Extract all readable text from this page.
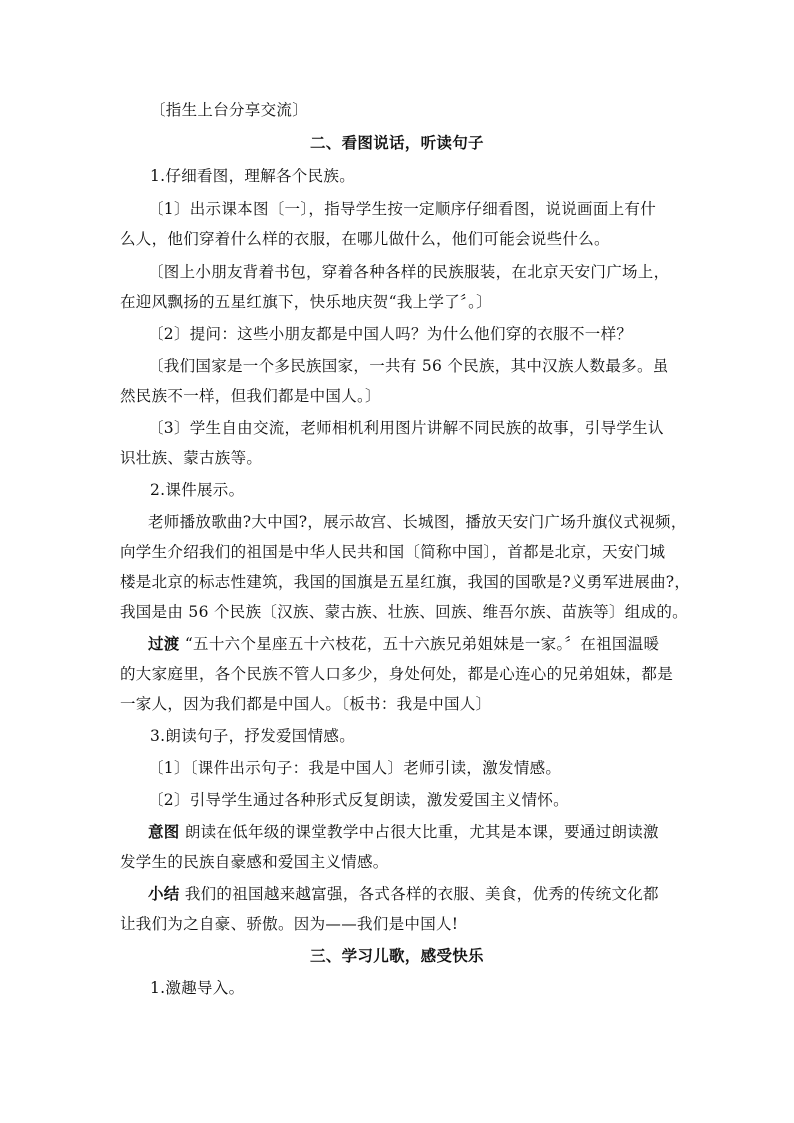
〔指生上台分享交流〕
二、看图说话，听读句子
1.仔细看图，理解各个民族。
〔1〕出示课本图〔一〕，指导学生按一定顺序仔细看图，说说画面上有什
么人，他们穿着什么样的衣服，在哪儿做什么，他们可能会说些什么。
〔图上小朋友背着书包，穿着各种各样的民族服装，在北京天安门广场上，
在迎风飘扬的五星红旗下，快乐地庆贺“我上学了〞。〕
〔2〕提问：这些小朋友都是中国人吗？为什么他们穿的衣服不一样？
〔我们国家是一个多民族国家，一共有 56 个民族，其中汉族人数最多。虽
然民族不一样，但我们都是中国人。〕
〔3〕学生自由交流，老师相机利用图片讲解不同民族的故事，引导学生认
识壮族、蒙古族等。
2.课件展示。
老师播放歌曲?大中国?，展示故宫、长城图，播放天安门广场升旗仪式视频，
向学生介绍我们的祖国是中华人民共和国〔简称中国〕，首都是北京，天安门城
楼是北京的标志性建筑，我国的国旗是五星红旗，我国的国歌是?义勇军进展曲?，
我国是由 56 个民族〔汉族、蒙古族、壮族、回族、维吾尔族、苗族等〕组成的。
过渡 “五十六个星座五十六枝花，五十六族兄弟姐妹是一家。〞在祖国温暖
的大家庭里，各个民族不管人口多少，身处何处，都是心连心的兄弟姐妹，都是
一家人，因为我们都是中国人。〔板书：我是中国人〕
3.朗读句子，抒发爱国情感。
〔1〕〔课件出示句子：我是中国人〕老师引读，激发情感。
〔2〕引导学生通过各种形式反复朗读，激发爱国主义情怀。
意图 朗读在低年级的课堂教学中占很大比重，尤其是本课，要通过朗读激
发学生的民族自豪感和爱国主义情感。
小结 我们的祖国越来越富强，各式各样的衣服、美食，优秀的传统文化都
让我们为之自豪、骄傲。因为——我们是中国人!
三、学习儿歌，感受快乐
1.激趣导入。
